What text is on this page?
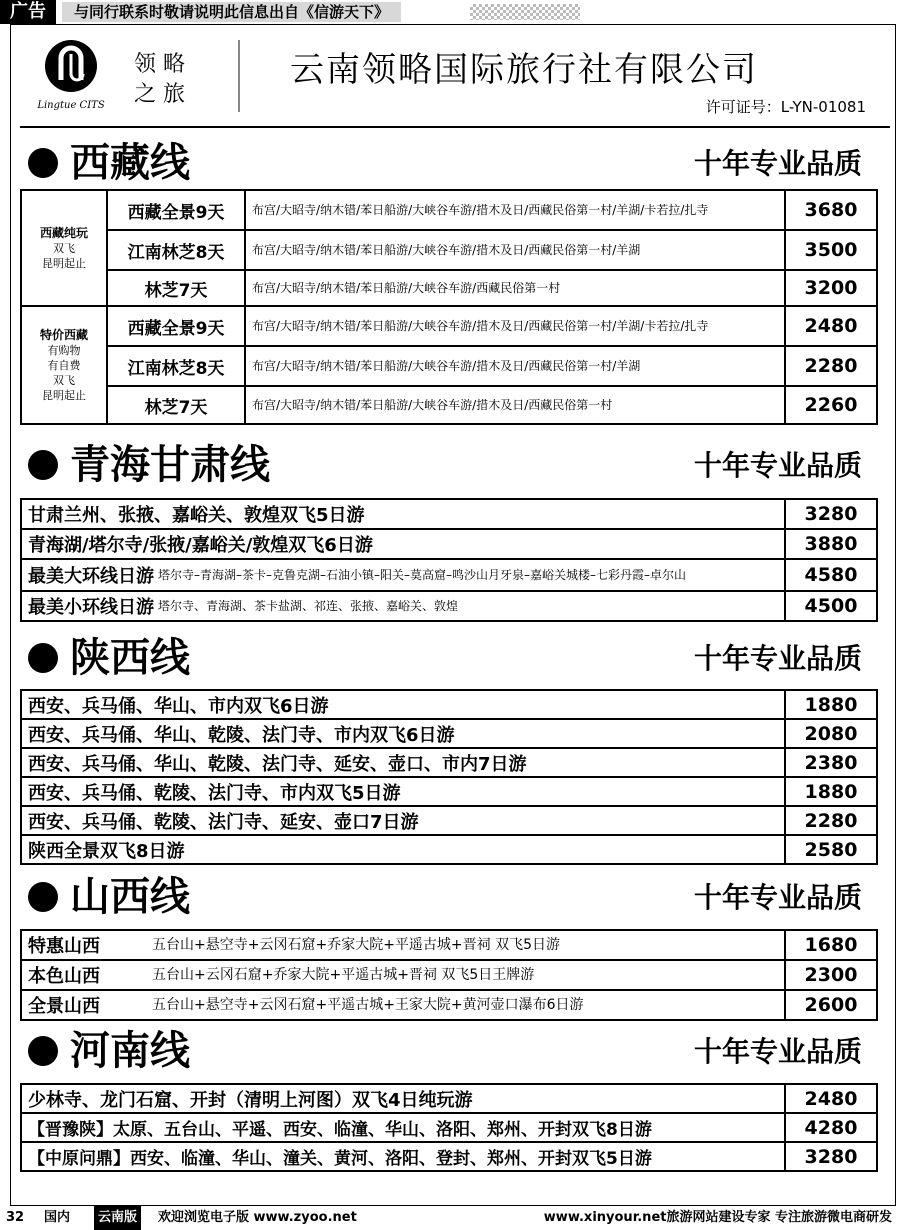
广告	与同行联系时敬请说明此信息出自《信游天下》
Lingtue CITS
领 略
之 旅
云南领略国际旅行社有限公司
许可证号：L-YN-01081
西藏线	十年专业品质
西藏纯玩
双飞
昆明起止	西藏全景9天	布宫/大昭寺/纳木错/苯日船游/大峡谷车游/措木及日/西藏民俗第一村/羊湖/卡若拉/扎寺	3680
	江南林芝8天	布宫/大昭寺/纳木错/苯日船游/大峡谷车游/措木及日/西藏民俗第一村/羊湖	3500
	林芝7天	布宫/大昭寺/纳木错/苯日船游/大峡谷车游/西藏民俗第一村	3200

特价西藏
有购物
有自费
双飞
昆明起止	西藏全景9天	布宫/大昭寺/纳木错/苯日船游/大峡谷车游/措木及日/西藏民俗第一村/羊湖/卡若拉/扎寺	2480
	江南林芝8天	布宫/大昭寺/纳木错/苯日船游/大峡谷车游/措木及日/西藏民俗第一村/羊湖	2280
	林芝7天	布宫/大昭寺/纳木错/苯日船游/大峡谷车游/措木及日/西藏民俗第一村	2260
青海甘肃线	十年专业品质
甘肃兰州、张掖、嘉峪关、敦煌双飞5日游	3280
青海湖/塔尔寺/张掖/嘉峪关/敦煌双飞6日游	3880
最美大环线日游 塔尔寺–青海湖–茶卡–克鲁克湖–石油小镇–阳关–莫高窟–鸣沙山月牙泉–嘉峪关城楼–七彩丹霞–卓尔山	4580
最美小环线日游 塔尔寺、青海湖、茶卡盐湖、祁连、张掖、嘉峪关、敦煌	4500
陕西线	十年专业品质
西安、兵马俑、华山、市内双飞6日游	1880
西安、兵马俑、华山、乾陵、法门寺、市内双飞6日游	2080
西安、兵马俑、华山、乾陵、法门寺、延安、壶口、市内7日游	2380
西安、兵马俑、乾陵、法门寺、市内双飞5日游	1880
西安、兵马俑、乾陵、法门寺、延安、壶口7日游	2280
陕西全景双飞8日游	2580
山西线	十年专业品质
特惠山西 五台山+悬空寺+云冈石窟+乔家大院+平遥古城+晋祠 双飞5日游	1680
本色山西 五台山+云冈石窟+乔家大院+平遥古城+晋祠 双飞5日王牌游	2300
全景山西 五台山+悬空寺+云冈石窟+平遥古城+王家大院+黄河壶口瀑布6日游	2600
河南线	十年专业品质
少林寺、龙门石窟、开封（清明上河图）双飞4日纯玩游	2480
【晋豫陕】太原、五台山、平遥、西安、临潼、华山、洛阳、郑州、开封双飞8日游	4280
【中原问鼎】西安、临潼、华山、潼关、黄河、洛阳、登封、郑州、开封双飞5日游	3280
32 国内	云南版	欢迎浏览电子版 www.zyoo.net	www.xinyour.net旅游网站建设专家 专注旅游微电商研发
